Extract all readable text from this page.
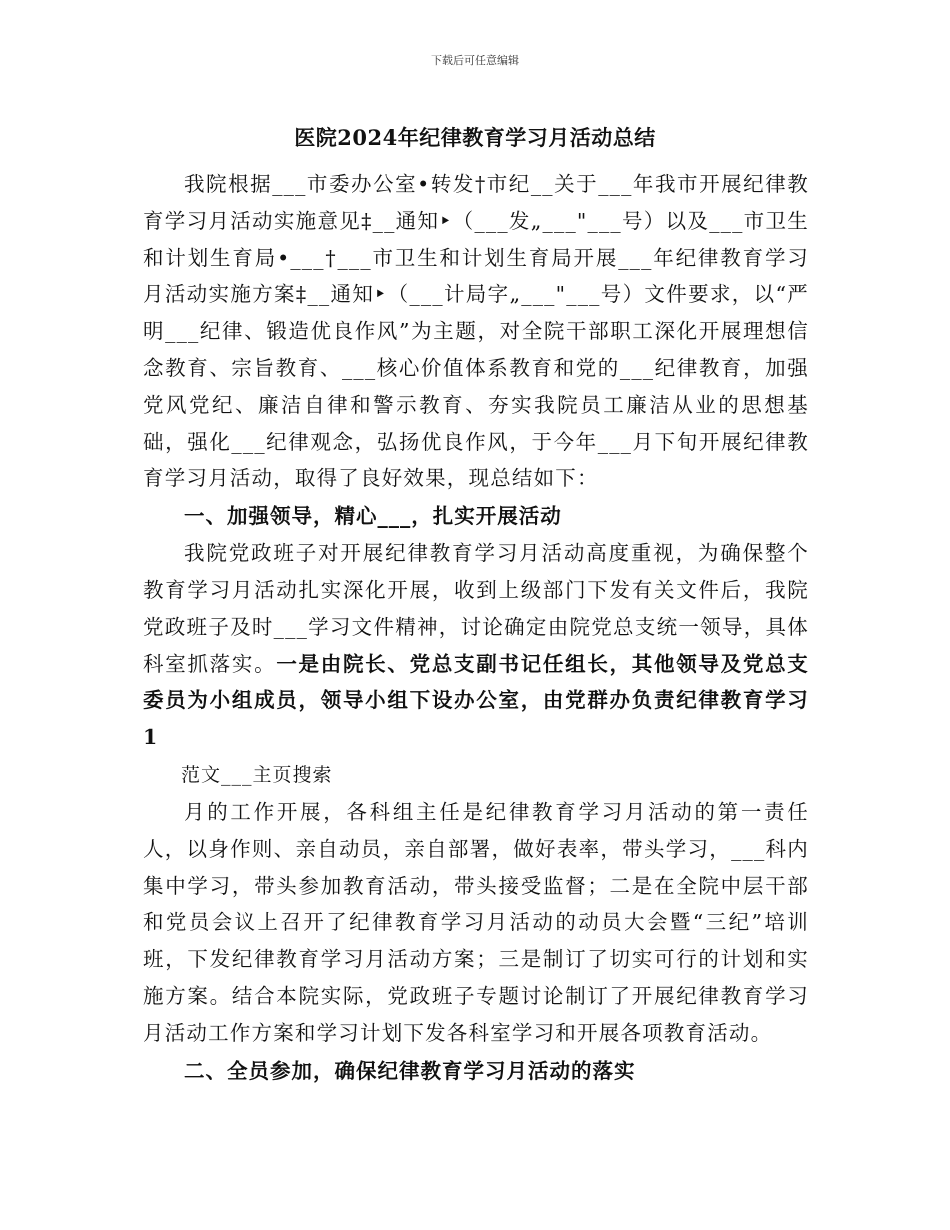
下载后可任意编辑
医院2024年纪律教育学习月活动总结

我院根据___市委办公室•转发†市纪__关于___年我市开展纪律教育学习月活动实施意见‡__通知‣（___发„___"___号）以及___市卫生和计划生育局•___†___市卫生和计划生育局开展___年纪律教育学习月活动实施方案‡__通知‣（___计局字„___"___号）文件要求，以“严明___纪律、锻造优良作风”为主题，对全院干部职工深化开展理想信念教育、宗旨教育、___核心价值体系教育和党的___纪律教育，加强党风党纪、廉洁自律和警示教育、夯实我院员工廉洁从业的思想基础，强化___纪律观念，弘扬优良作风，于今年___月下旬开展纪律教育学习月活动，取得了良好效果，现总结如下：

一、加强领导，精心___，扎实开展活动

我院党政班子对开展纪律教育学习月活动高度重视，为确保整个教育学习月活动扎实深化开展，收到上级部门下发有关文件后，我院党政班子及时___学习文件精神，讨论确定由院党总支统一领导，具体科室抓落实。一是由院长、党总支副书记任组长，其他领导及党总支委员为小组成员，领导小组下设办公室，由党群办负责纪律教育学习1

范文___主页搜索

月的工作开展，各科组主任是纪律教育学习月活动的第一责任人，以身作则、亲自动员，亲自部署，做好表率，带头学习，___科内集中学习，带头参加教育活动，带头接受监督；二是在全院中层干部和党员会议上召开了纪律教育学习月活动的动员大会暨“三纪”培训班，下发纪律教育学习月活动方案；三是制订了切实可行的计划和实施方案。结合本院实际，党政班子专题讨论制订了开展纪律教育学习月活动工作方案和学习计划下发各科室学习和开展各项教育活动。

二、全员参加，确保纪律教育学习月活动的落实
